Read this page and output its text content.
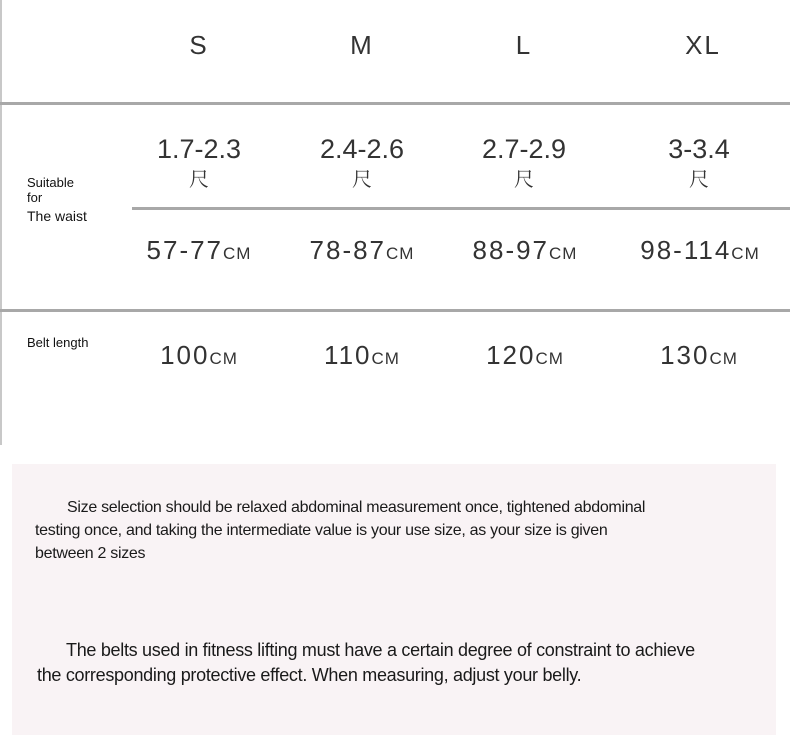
S	M	L	XL
Suitable
for
The waist
Belt length
1.7-2.3
尺
2.4-2.6
尺
2.7-2.9
尺
3-3.4
尺
57-77CM 78-87CM 88-97CM 98-114CM
100CM	110CM	120CM	130CM
Size selection should be relaxed abdominal measurement once, tightened abdominal
testing once, and taking the intermediate value is your use size, as your size is given
between 2 sizes
The belts used in fitness lifting must have a certain degree of constraint to achieve
the corresponding protective effect. When measuring, adjust your belly.
